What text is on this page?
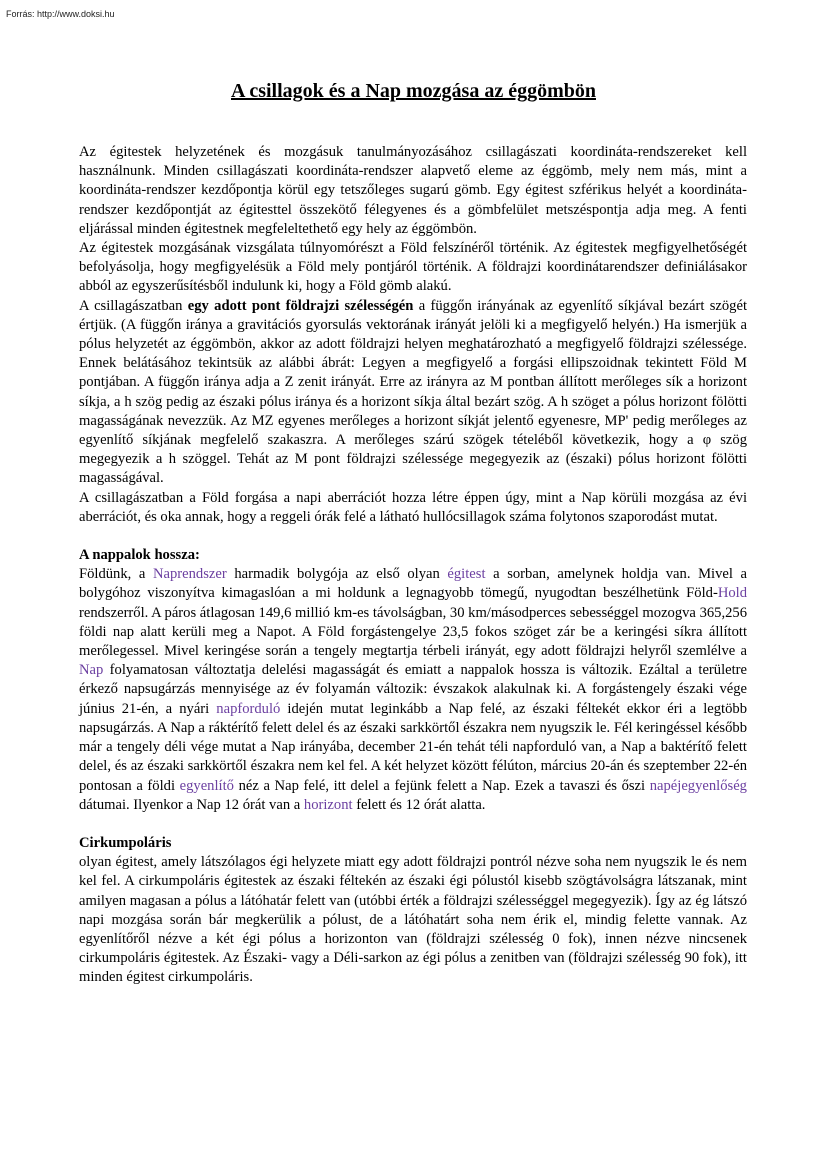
Forrás: http://www.doksi.hu
A csillagok és a Nap mozgása az éggömbön

Az égitestek helyzetének és mozgásuk tanulmányozásához csillagászati koordináta-rendszereket kell használnunk. Minden csillagászati koordináta-rendszer alapvető eleme az éggömb, mely nem más, mint a koordináta-rendszer kezdőpontja körül egy tetszőleges sugarú gömb. Egy égitest szférikus helyét a koordináta-rendszer kezdőpontját az égitesttel összekötő félegyenes és a gömbfelület metszéspontja adja meg. A fenti eljárással minden égitestnek megfeleltethető egy hely az éggömbön.

Az égitestek mozgásának vizsgálata túlnyomórészt a Föld felszínéről történik. Az égitestek megfigyelhetőségét befolyásolja, hogy megfigyelésük a Föld mely pontjáról történik. A földrajzi koordinátarendszer definiálásakor abból az egyszerűsítésből indulunk ki, hogy a Föld gömb alakú.

A csillagászatban egy adott pont földrajzi szélességén a függőn irányának az egyenlítő síkjával bezárt szögét értjük. (A függőn iránya a gravitációs gyorsulás vektorának irányát jelöli ki a megfigyelő helyén.) Ha ismerjük a pólus helyzetét az éggömbön, akkor az adott földrajzi helyen meghatározható a megfigyelő földrajzi szélessége. Ennek belátásához tekintsük az alábbi ábrát: Legyen a megfigyelő a forgási ellipszoidnak tekintett Föld M pontjában. A függőn iránya adja a Z zenit irányát. Erre az irányra az M pontban állított merőleges sík a horizont síkja, a h szög pedig az északi pólus iránya és a horizont síkja által bezárt szög. A h szöget a pólus horizont fölötti magasságának nevezzük. Az MZ egyenes merőleges a horizont síkját jelentő egyenesre, MP' pedig merőleges az egyenlítő síkjának megfelelő szakaszra. A merőleges szárú szögek tételéből következik, hogy a φ szög megegyezik a h szöggel. Tehát az M pont földrajzi szélessége megegyezik az (északi) pólus horizont fölötti magasságával.

A csillagászatban a Föld forgása a napi aberrációt hozza létre éppen úgy, mint a Nap körüli mozgása az évi aberrációt, és oka annak, hogy a reggeli órák felé a látható hullócsillagok száma folytonos szaporodást mutat.

A nappalok hossza:

Földünk, a Naprendszer harmadik bolygója az első olyan égitest a sorban, amelynek holdja van. Mivel a bolygóhoz viszonyítva kimagaslóan a mi holdunk a legnagyobb tömegű, nyugodtan beszélhetünk Föld-Hold rendszerről. A páros átlagosan 149,6 millió km-es távolságban, 30 km/másodperces sebességgel mozogva 365,256 földi nap alatt kerüli meg a Napot. A Föld forgástengelye 23,5 fokos szöget zár be a keringési síkra állított merőlegessel. Mivel keringése során a tengely megtartja térbeli irányát, egy adott földrajzi helyről szemlélve a Nap folyamatosan változtatja delelési magasságát és emiatt a nappalok hossza is változik. Ezáltal a területre érkező napsugárzás mennyisége az év folyamán változik: évszakok alakulnak ki. A forgástengely északi vége június 21-én, a nyári napforduló idején mutat leginkább a Nap felé, az északi féltekét ekkor éri a legtöbb napsugárzás. A Nap a ráktérítő felett delel és az északi sarkkörtől északra nem nyugszik le. Fél keringéssel később már a tengely déli vége mutat a Nap irányába, december 21-én tehát téli napforduló van, a Nap a baktérítő felett delel, és az északi sarkkörtől északra nem kel fel. A két helyzet között félúton, március 20-án és szeptember 22-én pontosan a földi egyenlítő néz a Nap felé, itt delel a fejünk felett a Nap. Ezek a tavaszi és őszi napéjegyenlőség dátumai. Ilyenkor a Nap 12 órát van a horizont felett és 12 órát alatta.

Cirkumpoláris

olyan égitest, amely látszólagos égi helyzete miatt egy adott földrajzi pontról nézve soha nem nyugszik le és nem kel fel. A cirkumpoláris égitestek az északi féltekén az északi égi pólustól kisebb szögtávolságra látszanak, mint amilyen magasan a pólus a látóhatár felett van (utóbbi érték a földrajzi szélességgel megegyezik). Így az ég látszó napi mozgása során bár megkerülik a pólust, de a látóhatárt soha nem érik el, mindig felette vannak. Az egyenlítőről nézve a két égi pólus a horizonton van (földrajzi szélesség 0 fok), innen nézve nincsenek cirkumpoláris égitestek. Az Északi- vagy a Déli-sarkon az égi pólus a zenitben van (földrajzi szélesség 90 fok), itt minden égitest cirkumpoláris.
